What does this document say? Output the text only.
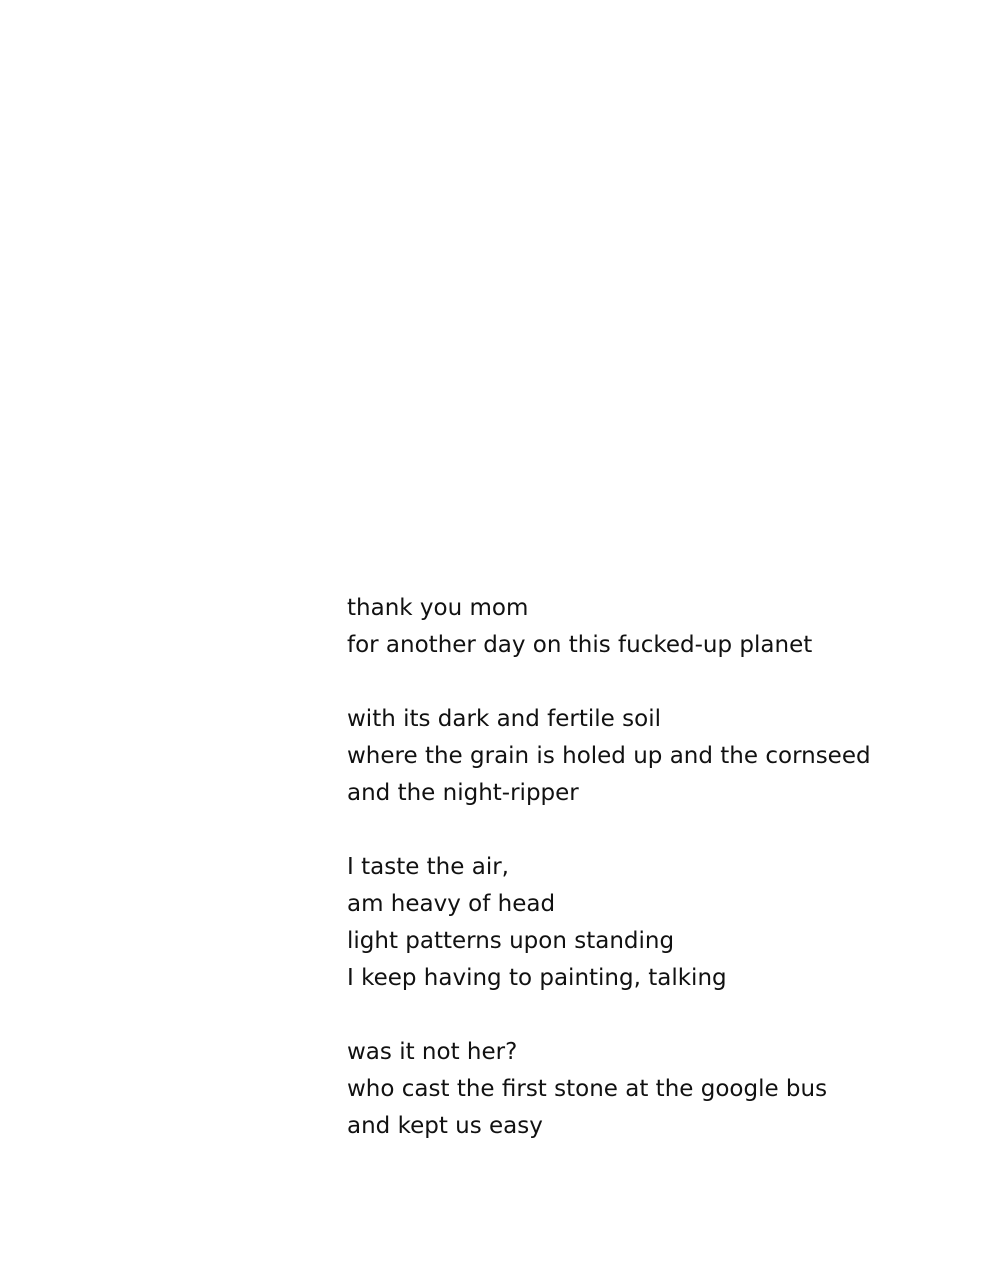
thank you mom
for another day on this fucked-up planet
with its dark and fertile soil
where the grain is holed up and the cornseed
and the night-ripper
I taste the air,
am heavy of head
light patterns upon standing
I keep having to painting, talking
was it not her?
who cast the first stone at the google bus
and kept us easy
